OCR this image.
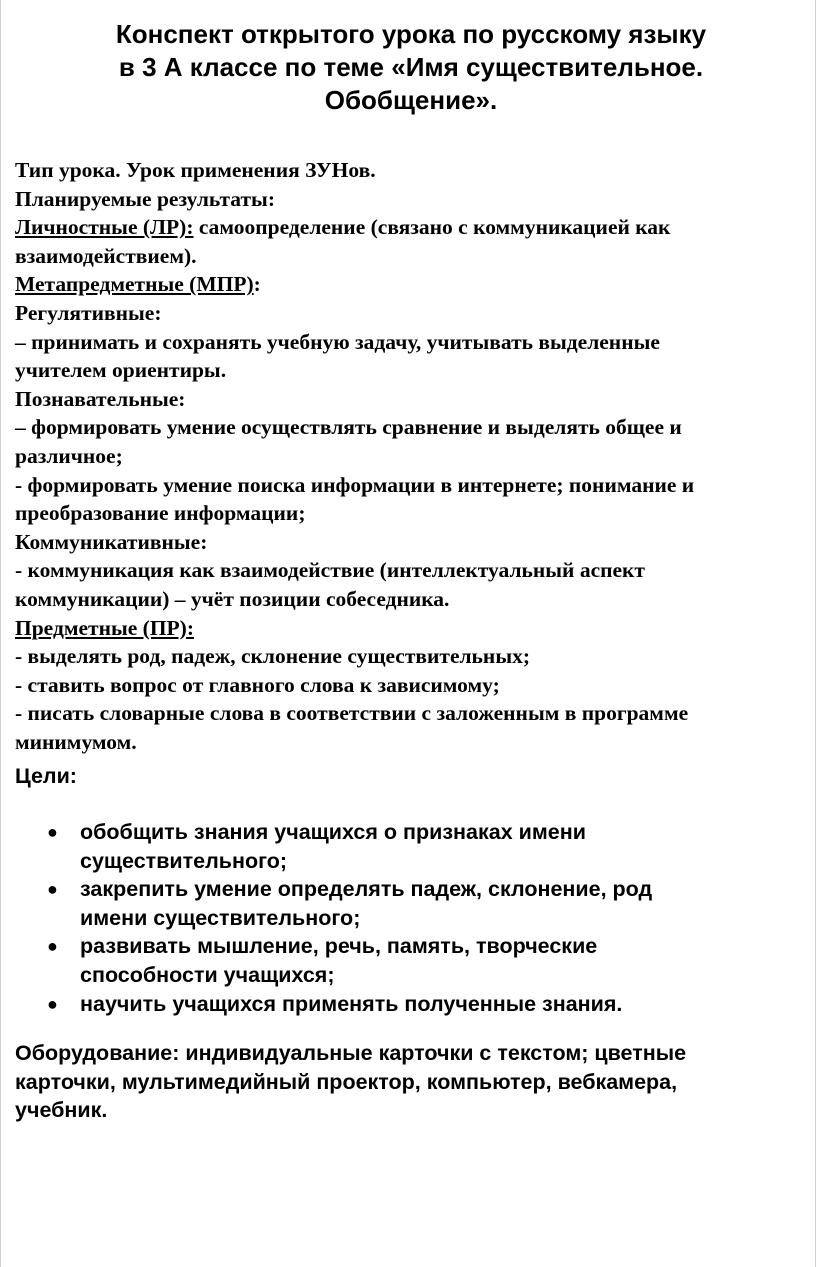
Конспект открытого урока по русскому языку
в 3 А классе по теме «Имя существительное.
Обобщение».
Тип урока. Урок применения ЗУНов.
Планируемые результаты:
Личностные (ЛР): самоопределение (связано с коммуникацией как
взаимодействием).
Метапредметные (МПР):
Регулятивные:
– принимать и сохранять учебную задачу, учитывать выделенные
учителем ориентиры.
Познавательные:
– формировать умение осуществлять сравнение и выделять общее и
различное;
- формировать умение поиска информации в интернете; понимание и
преобразование информации;
Коммуникативные:
- коммуникация как взаимодействие (интеллектуальный аспект
коммуникации) – учёт позиции собеседника.
Предметные (ПР):
- выделять род, падеж, склонение существительных;
- ставить вопрос от главного слова к зависимому;
- писать словарные слова в соответствии с заложенным в программе
минимумом.
Цели:
● обобщить знания учащихся о признаках имени
существительного;
● закрепить умение определять падеж, склонение, род
имени существительного;
● развивать мышление, речь, память, творческие
способности учащихся;
● научить учащихся применять полученные знания.
Оборудование: индивидуальные карточки с текстом; цветные
карточки, мультимедийный проектор, компьютер, вебкамера,
учебник.
